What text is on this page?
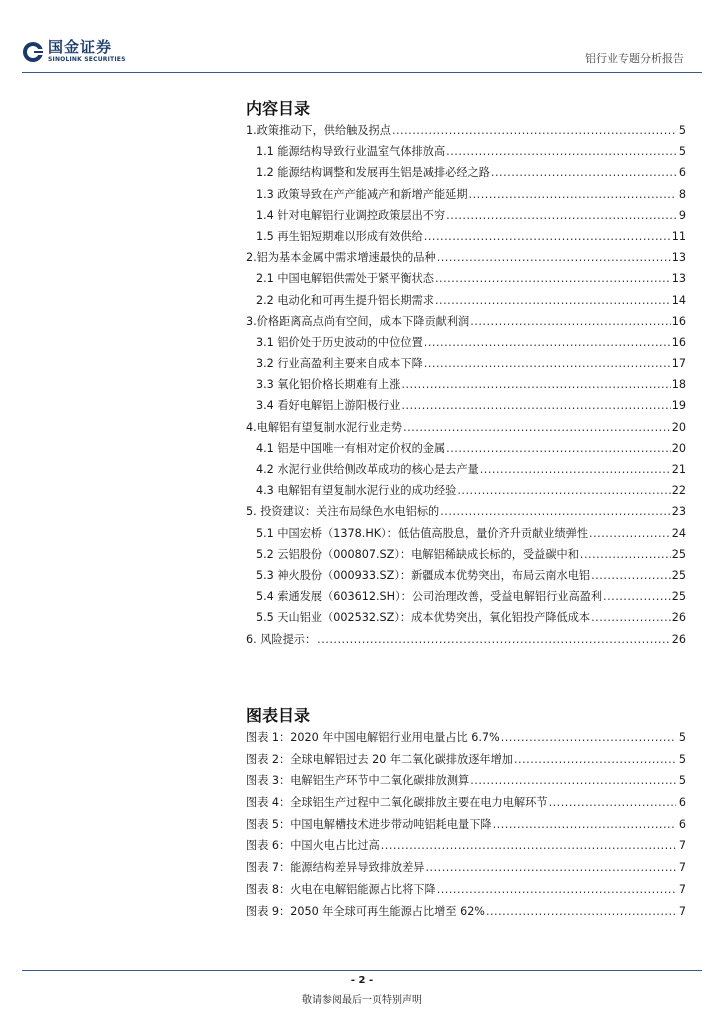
国金证券
SINOLINK SECURITIES	铝行业专题分析报告
内容目录
1.政策推动下，供给触及拐点 .....	5
1.1 能源结构导致行业温室气体排放高 .....	5
1.2 能源结构调整和发展再生铝是减排必经之路 .....	6
1.3 政策导致在产产能减产和新增产能延期 .....	8
1.4 针对电解铝行业调控政策层出不穷 .....	9
1.5 再生铝短期难以形成有效供给 .....	11
2.铝为基本金属中需求增速最快的品种 .....	13
2.1 中国电解铝供需处于紧平衡状态 .....	13
2.2 电动化和可再生提升铝长期需求 .....	14
3.价格距离高点尚有空间，成本下降贡献利润 .....	16
3.1 铝价处于历史波动的中位位置 .....	16
3.2 行业高盈利主要来自成本下降 .....	17
3.3 氧化铝价格长期难有上涨 .....	18
3.4 看好电解铝上游阳极行业 .....	19
4.电解铝有望复制水泥行业走势 .....	20
4.1 铝是中国唯一有相对定价权的金属 .....	20
4.2 水泥行业供给侧改革成功的核心是去产量 .....	21
4.3 电解铝有望复制水泥行业的成功经验 .....	22
5. 投资建议：关注布局绿色水电铝标的 .....	23
5.1 中国宏桥（1378.HK）：低估值高股息，量价齐升贡献业绩弹性 .....	24
5.2 云铝股份（000807.SZ）：电解铝稀缺成长标的，受益碳中和 .....	25
5.3 神火股份（000933.SZ）：新疆成本优势突出，布局云南水电铝 .....	25
5.4 索通发展（603612.SH）：公司治理改善，受益电解铝行业高盈利 .....	25
5.5 天山铝业（002532.SZ）：成本优势突出，氧化铝投产降低成本 .....	26
6. 风险提示： .....	26
图表目录
图表 1：2020 年中国电解铝行业用电量占比 6.7% .....	5
图表 2：全球电解铝过去 20 年二氧化碳排放逐年增加 .....	5
图表 3：电解铝生产环节中二氧化碳排放测算 .....	5
图表 4：全球铝生产过程中二氧化碳排放主要在电力电解环节 .....	6
图表 5：中国电解槽技术进步带动吨铝耗电量下降 .....	6
图表 6：中国火电占比过高 .....	7
图表 7：能源结构差异导致排放差异 .....	7
图表 8：火电在电解铝能源占比将下降 .....	7
图表 9：2050 年全球可再生能源占比增至 62% .....	7
- 2 -
敬请参阅最后一页特别声明
